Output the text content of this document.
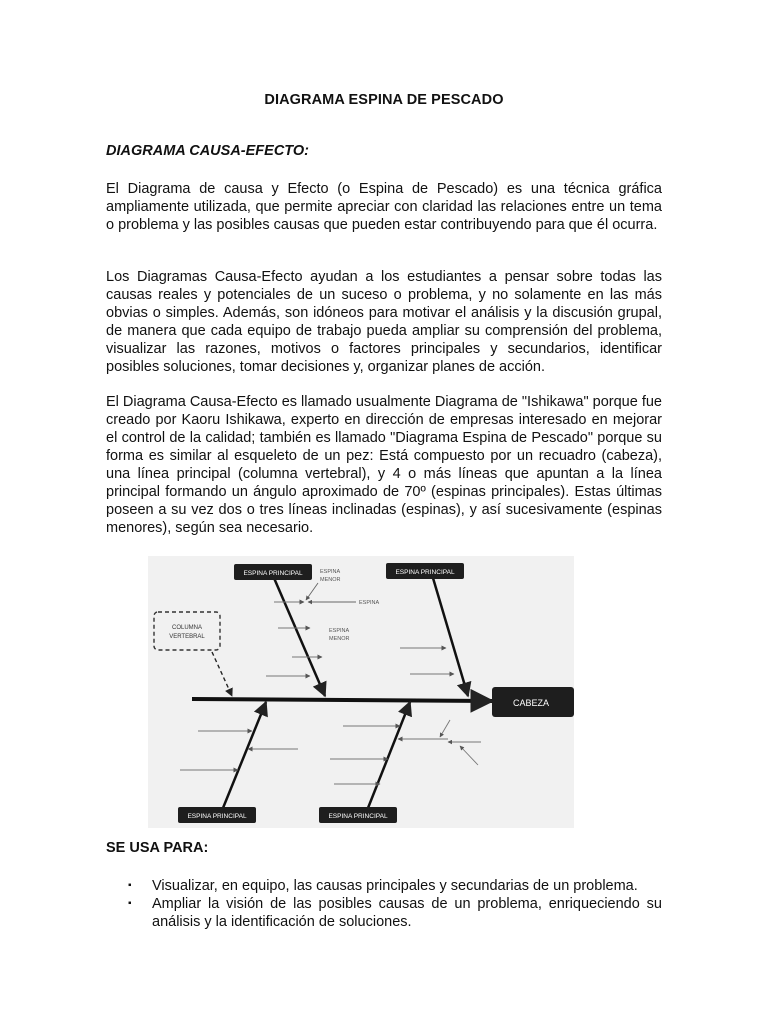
DIAGRAMA ESPINA DE PESCADO
DIAGRAMA CAUSA-EFECTO:

El Diagrama de causa y Efecto (o Espina de Pescado) es una técnica gráfica ampliamente utilizada, que permite apreciar con claridad las relaciones entre un tema o problema y las posibles causas que pueden estar contribuyendo para que él ocurra.

Los Diagramas Causa-Efecto ayudan a los estudiantes a pensar sobre todas las causas reales y potenciales de un suceso o problema, y no solamente en las más obvias o simples. Además, son idóneos para motivar el análisis y la discusión grupal, de manera que cada equipo de trabajo pueda ampliar su comprensión del problema, visualizar las razones, motivos o factores principales y secundarios, identificar posibles soluciones, tomar decisiones y, organizar planes de acción.

El Diagrama Causa-Efecto es llamado usualmente Diagrama de "Ishikawa" porque fue creado por Kaoru Ishikawa, experto en dirección de empresas interesado en mejorar el control de la calidad; también es llamado "Diagrama Espina de Pescado" porque su forma es similar al esqueleto de un pez: Está compuesto por un recuadro (cabeza), una línea principal (columna vertebral), y 4 o más líneas que apuntan a la línea principal formando un ángulo aproximado de 70º (espinas principales). Estas últimas poseen a su vez dos o tres líneas inclinadas (espinas), y así sucesivamente (espinas menores), según sea necesario.

CABEZA
ESPINA PRINCIPAL	ESPINA PRINCIPAL
ESPINA PRINCIPAL	ESPINA PRINCIPAL
COLUMNA
VERTEBRAL
ESPINA
MENOR
ESPINA
ESPINA
MENOR
SE USA PARA:
▪ Visualizar, en equipo, las causas principales y secundarias de un problema.
▪ Ampliar la visión de las posibles causas de un problema, enriqueciendo su análisis y la identificación de soluciones.
